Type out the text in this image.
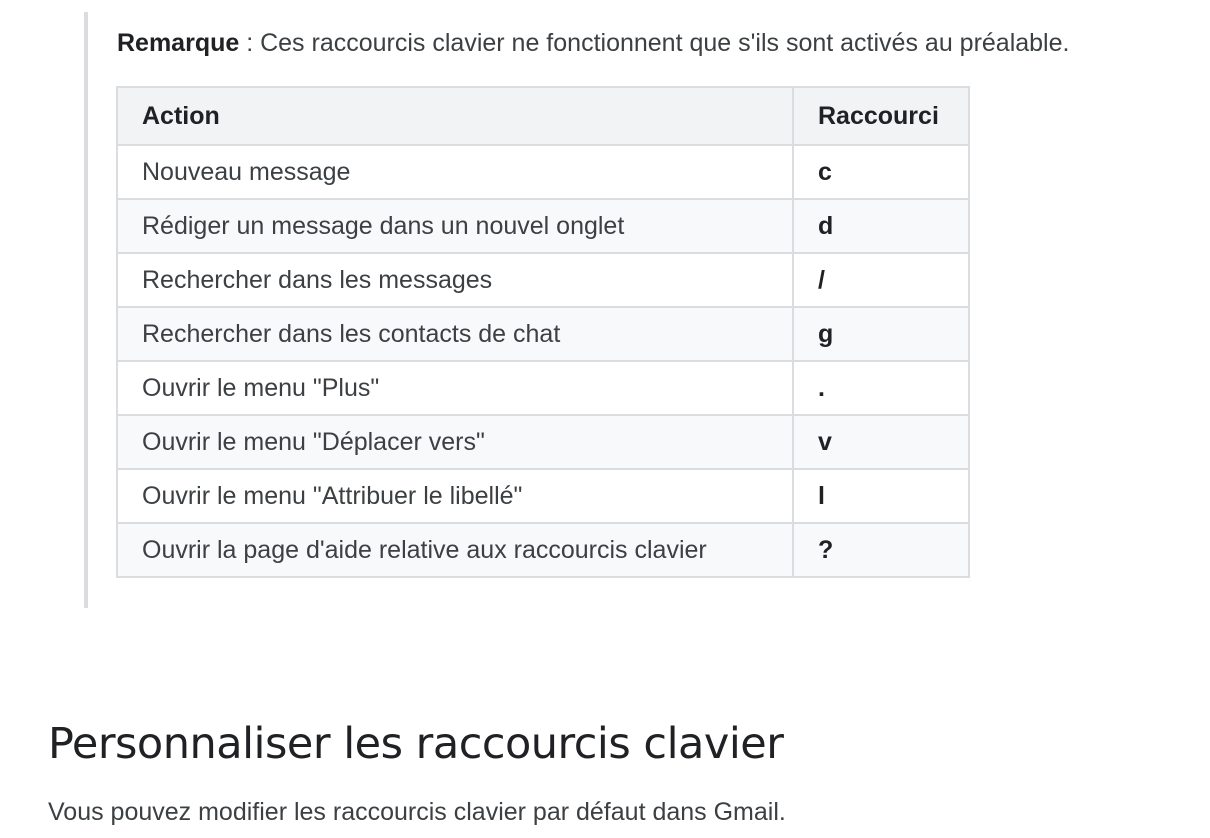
Remarque : Ces raccourcis clavier ne fonctionnent que s'ils sont activés au préalable.
Action	Raccourci
Nouveau message	c
Rédiger un message dans un nouvel onglet	d
Rechercher dans les messages	/
Rechercher dans les contacts de chat	g
Ouvrir le menu "Plus"	.
Ouvrir le menu "Déplacer vers"	v
Ouvrir le menu "Attribuer le libellé"	l
Ouvrir la page d'aide relative aux raccourcis clavier	?
Personnaliser les raccourcis clavier

Vous pouvez modifier les raccourcis clavier par défaut dans Gmail.
